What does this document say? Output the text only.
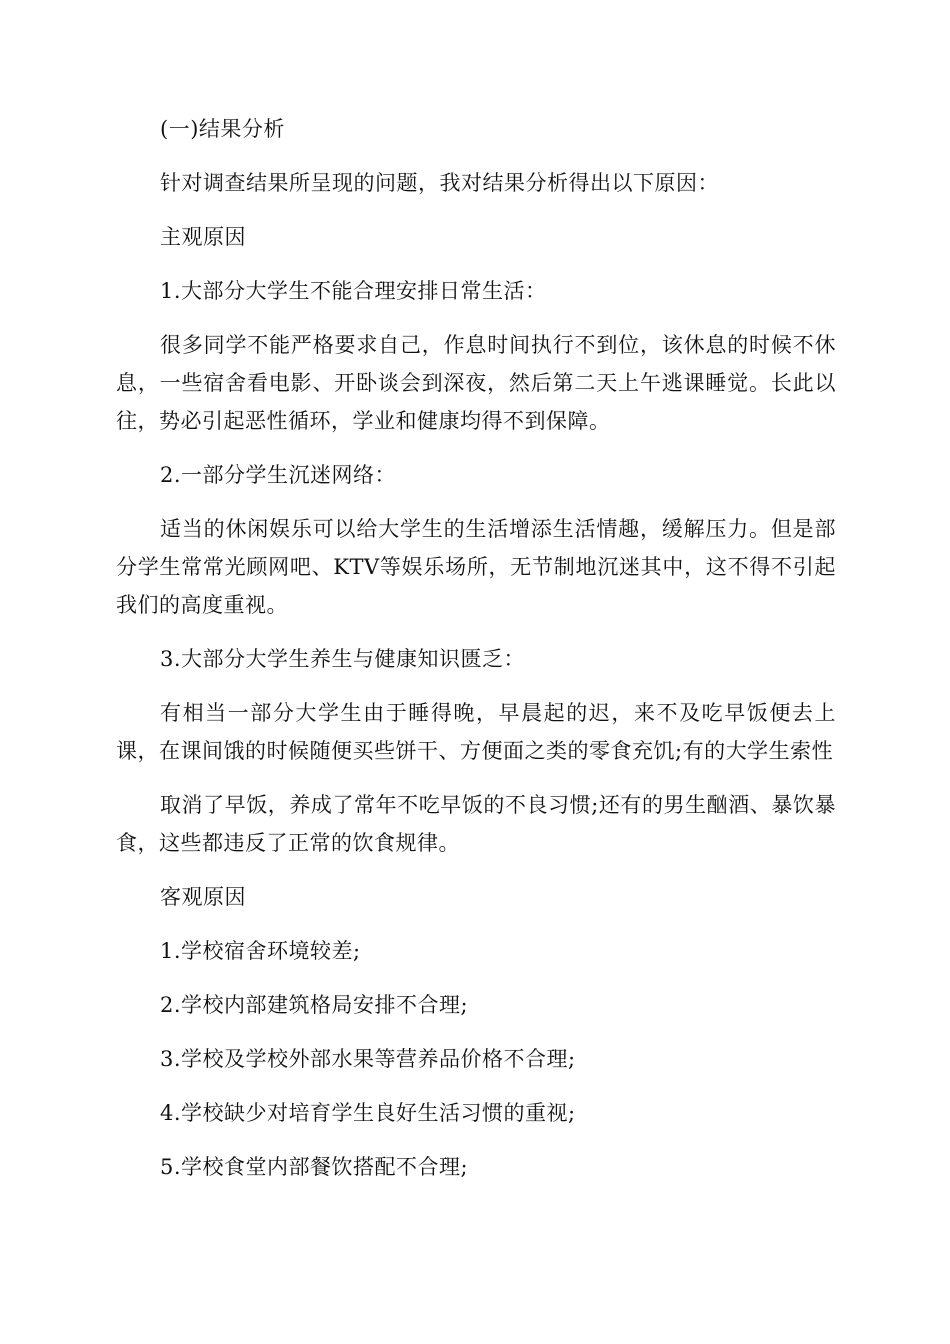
(一)结果分析

针对调查结果所呈现的问题，我对结果分析得出以下原因：

主观原因

1.大部分大学生不能合理安排日常生活：

很多同学不能严格要求自己，作息时间执行不到位，该休息的时候不休息，一些宿舍看电影、开卧谈会到深夜，然后第二天上午逃课睡觉。长此以往，势必引起恶性循环，学业和健康均得不到保障。

2.一部分学生沉迷网络：

适当的休闲娱乐可以给大学生的生活增添生活情趣，缓解压力。但是部分学生常常光顾网吧、KTV等娱乐场所，无节制地沉迷其中，这不得不引起我们的高度重视。

3.大部分大学生养生与健康知识匮乏：

有相当一部分大学生由于睡得晚，早晨起的迟，来不及吃早饭便去上课，在课间饿的时候随便买些饼干、方便面之类的零食充饥;有的大学生索性

取消了早饭，养成了常年不吃早饭的不良习惯;还有的男生酗酒、暴饮暴食，这些都违反了正常的饮食规律。

客观原因

1.学校宿舍环境较差;

2.学校内部建筑格局安排不合理;

3.学校及学校外部水果等营养品价格不合理;

4.学校缺少对培育学生良好生活习惯的重视;

5.学校食堂内部餐饮搭配不合理;
